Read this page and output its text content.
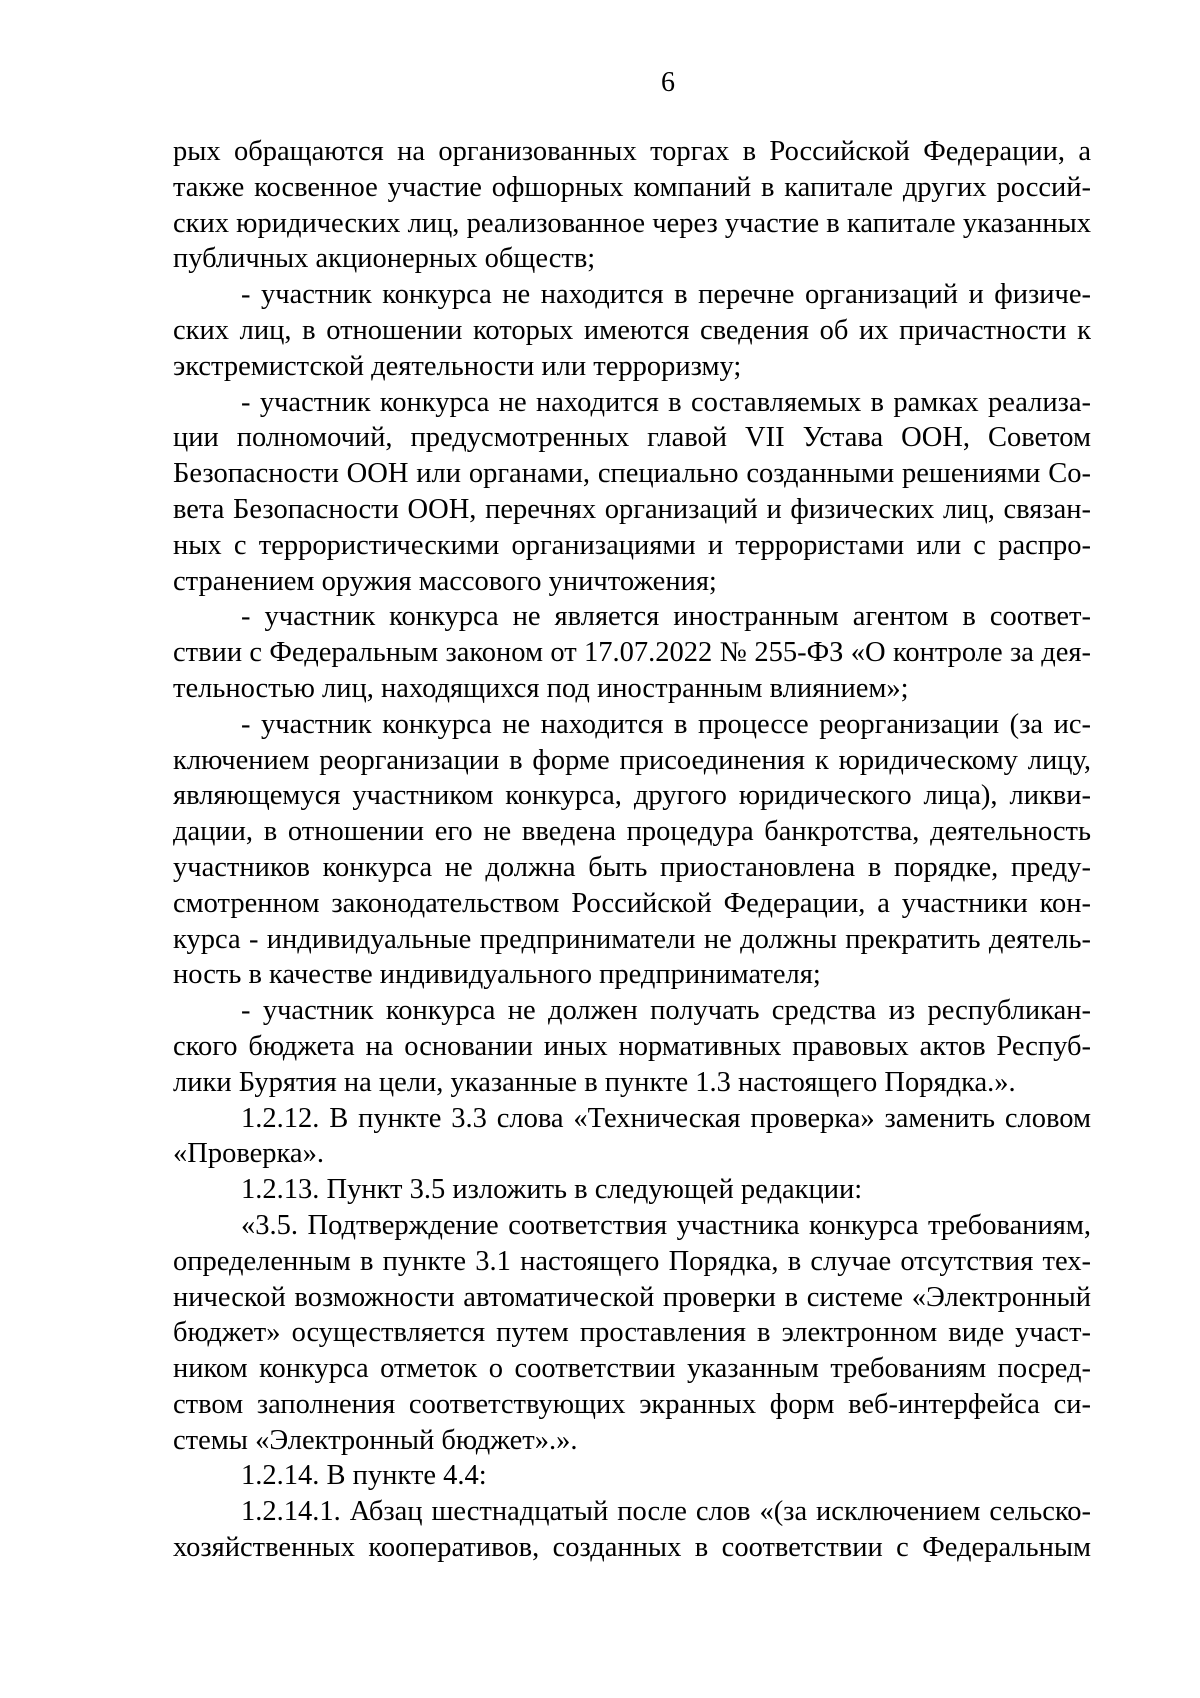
6
рых обращаются на организованных торгах в Российской Федерации, а
также косвенное участие офшорных компаний в капитале других россий-
ских юридических лиц, реализованное через участие в капитале указанных
публичных акционерных обществ;
- участник конкурса не находится в перечне организаций и физиче-
ских лиц, в отношении которых имеются сведения об их причастности к
экстремистской деятельности или терроризму;
- участник конкурса не находится в составляемых в рамках реализа-
ции полномочий, предусмотренных главой VII Устава ООН, Советом
Безопасности ООН или органами, специально созданными решениями Со-
вета Безопасности ООН, перечнях организаций и физических лиц, связан-
ных с террористическими организациями и террористами или с распро-
странением оружия массового уничтожения;
- участник конкурса не является иностранным агентом в соответ-
ствии с Федеральным законом от 17.07.2022 № 255-ФЗ «О контроле за дея-
тельностью лиц, находящихся под иностранным влиянием»;
- участник конкурса не находится в процессе реорганизации (за ис-
ключением реорганизации в форме присоединения к юридическому лицу,
являющемуся участником конкурса, другого юридического лица), ликви-
дации, в отношении его не введена процедура банкротства, деятельность
участников конкурса не должна быть приостановлена в порядке, преду-
смотренном законодательством Российской Федерации, а участники кон-
курса - индивидуальные предприниматели не должны прекратить деятель-
ность в качестве индивидуального предпринимателя;
- участник конкурса не должен получать средства из республикан-
ского бюджета на основании иных нормативных правовых актов Респуб-
лики Бурятия на цели, указанные в пункте 1.3 настоящего Порядка.».
1.2.12. В пункте 3.3 слова «Техническая проверка» заменить словом
«Проверка».
1.2.13. Пункт 3.5 изложить в следующей редакции:
«3.5. Подтверждение соответствия участника конкурса требованиям,
определенным в пункте 3.1 настоящего Порядка, в случае отсутствия тех-
нической возможности автоматической проверки в системе «Электронный
бюджет» осуществляется путем проставления в электронном виде участ-
ником конкурса отметок о соответствии указанным требованиям посред-
ством заполнения соответствующих экранных форм веб-интерфейса си-
стемы «Электронный бюджет».».
1.2.14. В пункте 4.4:
1.2.14.1. Абзац шестнадцатый после слов «(за исключением сельско-
хозяйственных кооперативов, созданных в соответствии с Федеральным
